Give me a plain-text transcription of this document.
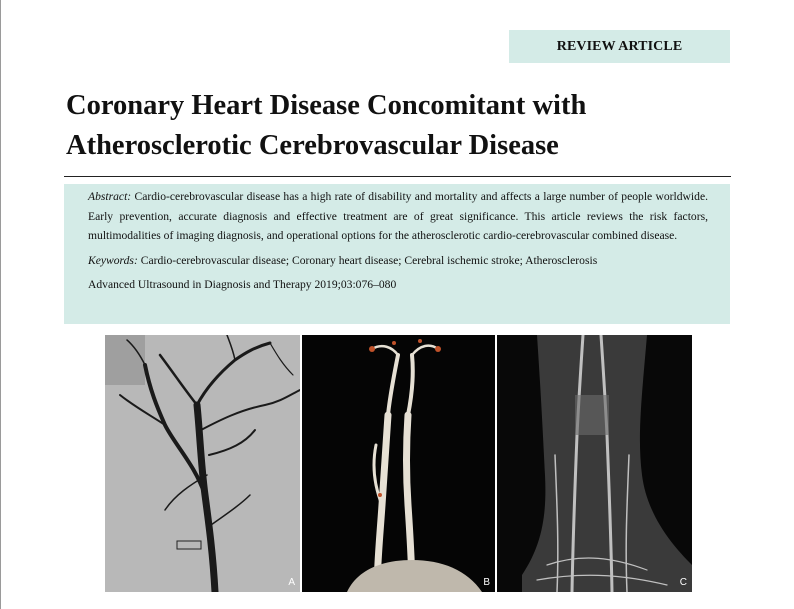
REVIEW ARTICLE
Coronary Heart Disease Concomitant with
Atherosclerotic Cerebrovascular Disease

Abstract: Cardio-cerebrovascular disease has a high rate of disability and mortality and affects a large number of people worldwide. Early prevention, accurate diagnosis and effective treatment are of great significance. This article reviews the risk factors, multimodalities of imaging diagnosis, and operational options for the atherosclerotic cardio-cerebrovascular combined disease.

Keywords: Cardio-cerebrovascular disease; Coronary heart disease; Cerebral ischemic stroke; Atherosclerosis

Advanced Ultrasound in Diagnosis and Therapy 2019;03:076–080

A	B	C
